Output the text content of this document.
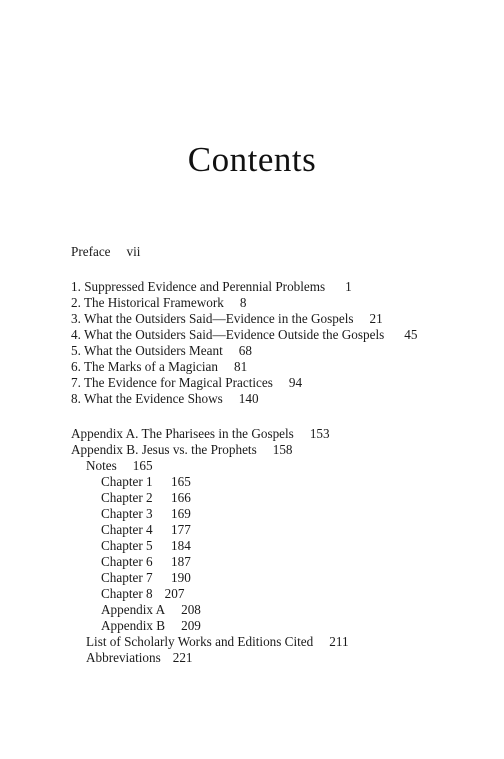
Contents
Preface vii
1. Suppressed Evidence and Perennial Problems 1
2. The Historical Framework 8
3. What the Outsiders Said—Evidence in the Gospels 21
4. What the Outsiders Said—Evidence Outside the Gospels 45
5. What the Outsiders Meant 68
6. The Marks of a Magician 81
7. The Evidence for Magical Practices 94
8. What the Evidence Shows 140
Appendix A. The Pharisees in the Gospels 153
Appendix B. Jesus vs. the Prophets 158
Notes 165
Chapter 1 165
Chapter 2 166
Chapter 3 169
Chapter 4 177
Chapter 5 184
Chapter 6 187
Chapter 7 190
Chapter 8 207
Appendix A 208
Appendix B 209
List of Scholarly Works and Editions Cited 211
Abbreviations 221
